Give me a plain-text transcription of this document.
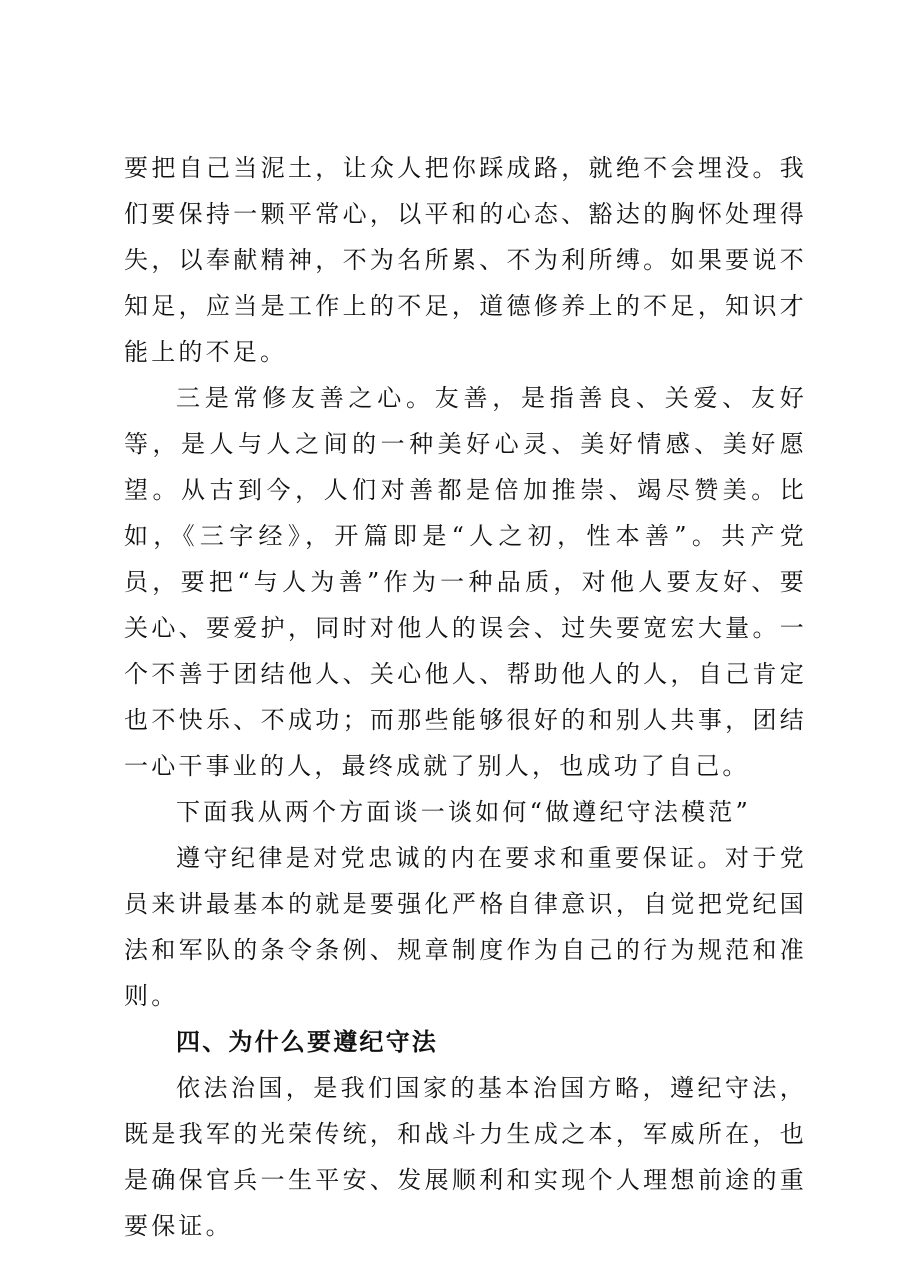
要把自己当泥土，让众人把你踩成路，就绝不会埋没。我们要保持一颗平常心，以平和的心态、豁达的胸怀处理得失，以奉献精神，不为名所累、不为利所缚。如果要说不知足，应当是工作上的不足，道德修养上的不足，知识才能上的不足。

三是常修友善之心。友善，是指善良、关爱、友好等，是人与人之间的一种美好心灵、美好情感、美好愿望。从古到今，人们对善都是倍加推崇、竭尽赞美。比如，《三字经》，开篇即是“人之初，性本善”。共产党员，要把“与人为善”作为一种品质，对他人要友好、要关心、要爱护，同时对他人的误会、过失要宽宏大量。一个不善于团结他人、关心他人、帮助他人的人，自己肯定也不快乐、不成功；而那些能够很好的和别人共事，团结一心干事业的人，最终成就了别人，也成功了自己。

下面我从两个方面谈一谈如何“做遵纪守法模范”

遵守纪律是对党忠诚的内在要求和重要保证。对于党员来讲最基本的就是要强化严格自律意识，自觉把党纪国法和军队的条令条例、规章制度作为自己的行为规范和准则。

四、为什么要遵纪守法

依法治国，是我们国家的基本治国方略，遵纪守法，既是我军的光荣传统，和战斗力生成之本，军威所在，也是确保官兵一生平安、发展顺利和实现个人理想前途的重要保证。
